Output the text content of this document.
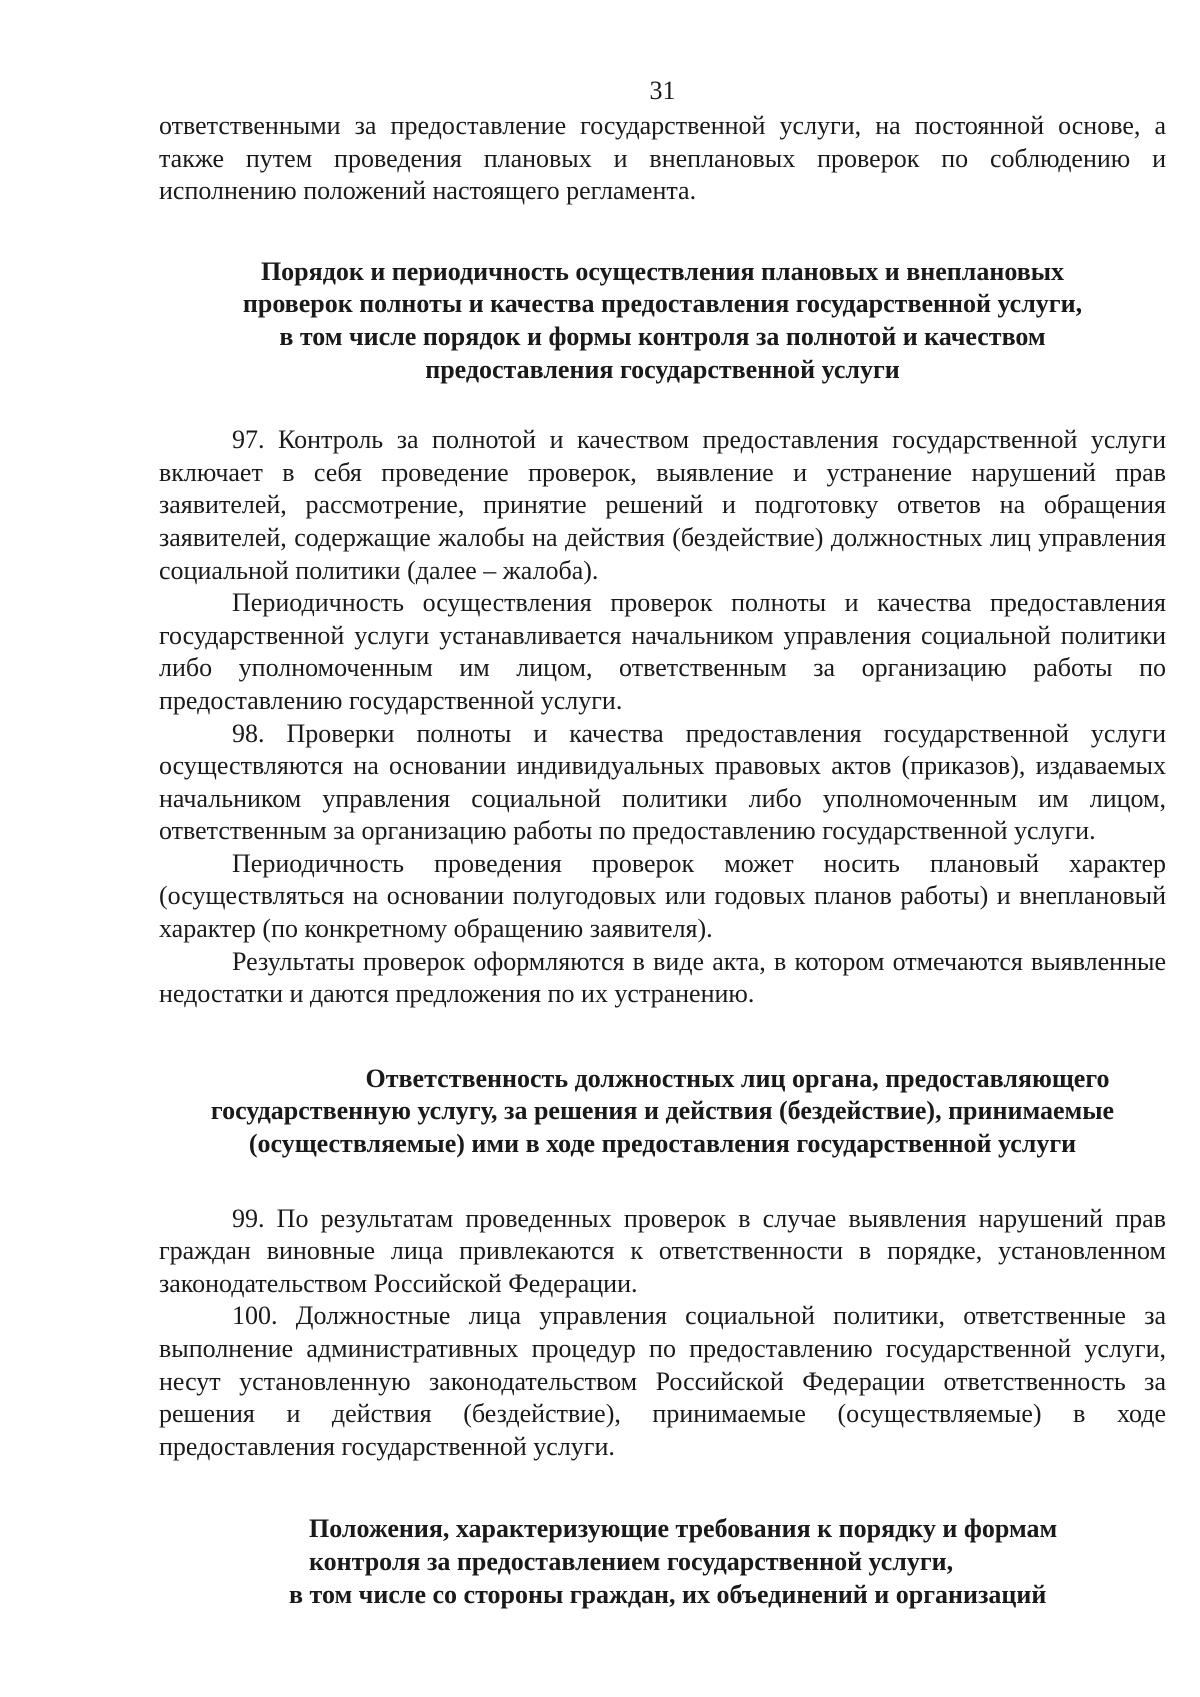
31

ответственными за предоставление государственной услуги, на постоянной основе, а также путем проведения плановых и внеплановых проверок по соблюдению и исполнению положений настоящего регламента.

Порядок и периодичность осуществления плановых и внеплановых
проверок полноты и качества предоставления государственной услуги,
в том числе порядок и формы контроля за полнотой и качеством
предоставления государственной услуги

97. Контроль за полнотой и качеством предоставления государственной услуги включает в себя проведение проверок, выявление и устранение нарушений прав заявителей, рассмотрение, принятие решений и подготовку ответов на обращения заявителей, содержащие жалобы на действия (бездействие) должностных лиц управления социальной политики (далее – жалоба).

Периодичность осуществления проверок полноты и качества предоставления государственной услуги устанавливается начальником управления социальной политики либо уполномоченным им лицом, ответственным за организацию работы по предоставлению государственной услуги.

98. Проверки полноты и качества предоставления государственной услуги осуществляются на основании индивидуальных правовых актов (приказов), издаваемых начальником управления социальной политики либо уполномоченным им лицом, ответственным за организацию работы по предоставлению государственной услуги.

Периодичность проведения проверок может носить плановый характер (осуществляться на основании полугодовых или годовых планов работы) и внеплановый характер (по конкретному обращению заявителя).

Результаты проверок оформляются в виде акта, в котором отмечаются выявленные недостатки и даются предложения по их устранению.

Ответственность должностных лиц органа, предоставляющего
государственную услугу, за решения и действия (бездействие), принимаемые
(осуществляемые) ими в ходе предоставления государственной услуги

99. По результатам проведенных проверок в случае выявления нарушений прав граждан виновные лица привлекаются к ответственности в порядке, установленном законодательством Российской Федерации.

100. Должностные лица управления социальной политики, ответственные за выполнение административных процедур по предоставлению государственной услуги, несут установленную законодательством Российской Федерации ответственность за решения и действия (бездействие), принимаемые (осуществляемые) в ходе предоставления государственной услуги.

Положения, характеризующие требования к порядку и формам
контроля за предоставлением государственной услуги,
в том числе со стороны граждан, их объединений и организаций
